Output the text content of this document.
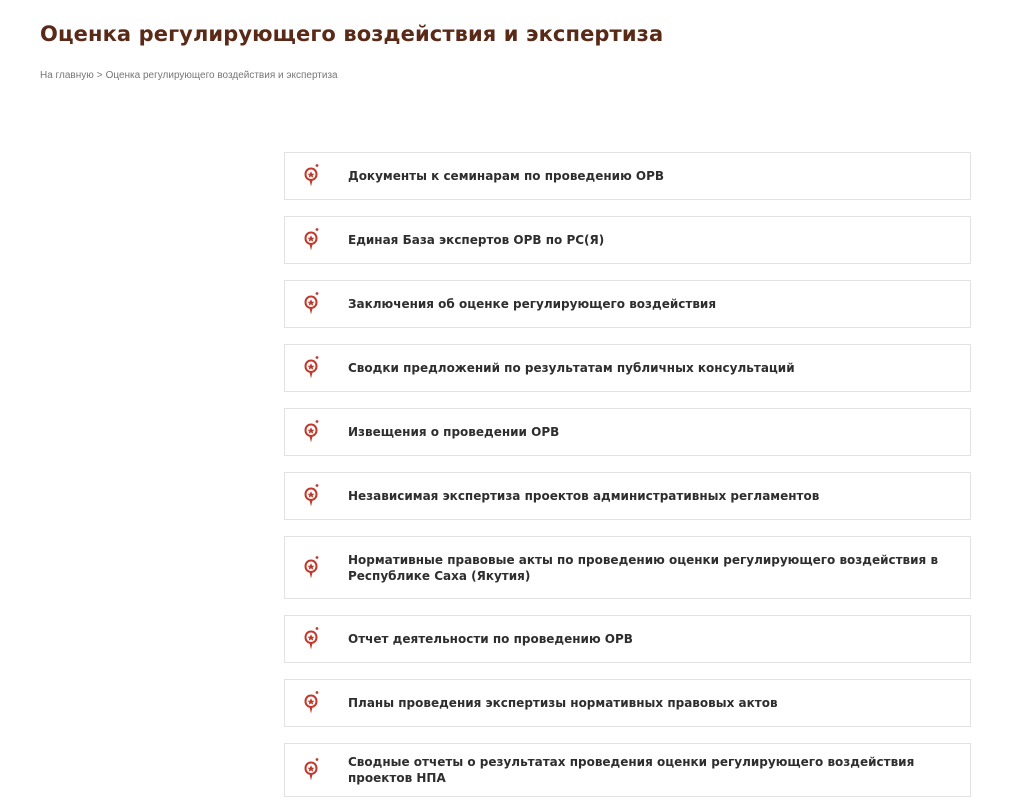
Оценка регулирующего воздействия и экспертиза
На главную > Оценка регулирующего воздействия и экспертиза
Документы к семинарам по проведению ОРВ
Единая База экспертов ОРВ по РС(Я)
Заключения об оценке регулирующего воздействия
Сводки предложений по результатам публичных консультаций
Извещения о проведении ОРВ
Независимая экспертиза проектов административных регламентов
Нормативные правовые акты по проведению оценки регулирующего воздействия в Республике Саха (Якутия)
Отчет деятельности по проведению ОРВ
Планы проведения экспертизы нормативных правовых актов
Сводные отчеты о результатах проведения оценки регулирующего воздействия проектов НПА
